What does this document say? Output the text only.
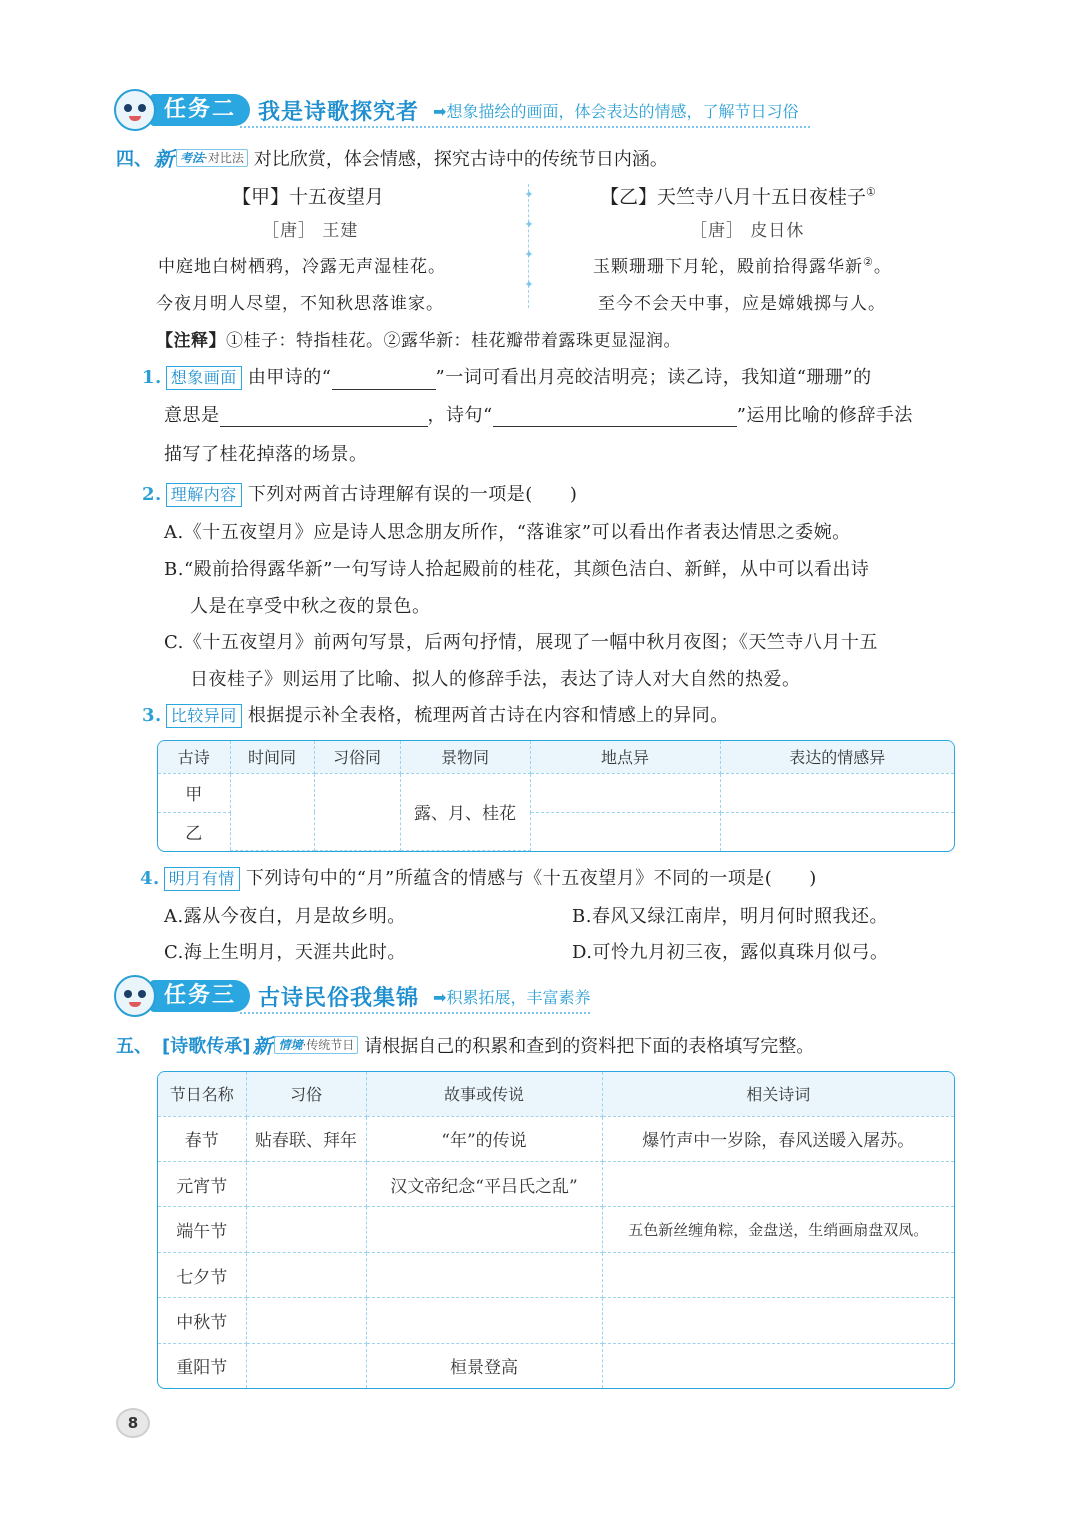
任务二	我是诗歌探究者 ➡想象描绘的画面，体会表达的情感，了解节日习俗
四、 新 考法·对比法 对比欣赏，体会情感，探究古诗中的传统节日内涵。
【甲】十五夜望月
［唐］ 王建
中庭地白树栖鸦，冷露无声湿桂花。
今夜月明人尽望，不知秋思落谁家。
✦
✦
✦
✦
【乙】天竺寺八月十五日夜桂子①
［唐］ 皮日休
玉颗珊珊下月轮，殿前拾得露华新②。
至今不会天中事，应是嫦娥掷与人。
【注释】①桂子：特指桂花。②露华新：桂花瓣带着露珠更显湿润。
1. 想象画面 由甲诗的“	”一词可看出月亮皎洁明亮；读乙诗，我知道“珊珊”的
意思是	，诗句“	”运用比喻的修辞手法
描写了桂花掉落的场景。
2. 理解内容 下列对两首古诗理解有误的一项是(　　)
A.《十五夜望月》应是诗人思念朋友所作，“落谁家”可以看出作者表达情思之委婉。
B.“殿前拾得露华新”一句写诗人拾起殿前的桂花，其颜色洁白、新鲜，从中可以看出诗
人是在享受中秋之夜的景色。
C.《十五夜望月》前两句写景，后两句抒情，展现了一幅中秋月夜图；《天竺寺八月十五
日夜桂子》则运用了比喻、拟人的修辞手法，表达了诗人对大自然的热爱。
3. 比较异同 根据提示补全表格，梳理两首古诗在内容和情感上的异同。
古诗	时间同	习俗同	景物同	地点异	表达的情感异
甲			露、月、桂花		
乙					
4. 明月有情 下列诗句中的“月”所蕴含的情感与《十五夜望月》不同的一项是(　　)
A.露从今夜白，月是故乡明。	B.春风又绿江南岸，明月何时照我还。
C.海上生明月，天涯共此时。	D.可怜九月初三夜，露似真珠月似弓。
任务三	古诗民俗我集锦 ➡积累拓展，丰富素养
五、 [诗歌传承] 新 情境·传统节日 请根据自己的积累和查到的资料把下面的表格填写完整。
节日名称	习俗	故事或传说	相关诗词
春节	贴春联、拜年	“年”的传说	爆竹声中一岁除，春风送暖入屠苏。
元宵节		汉文帝纪念“平吕氏之乱”	
端午节			五色新丝缠角粽，金盘送，生绡画扇盘双凤。
七夕节			
中秋节			
重阳节		桓景登高	
8
